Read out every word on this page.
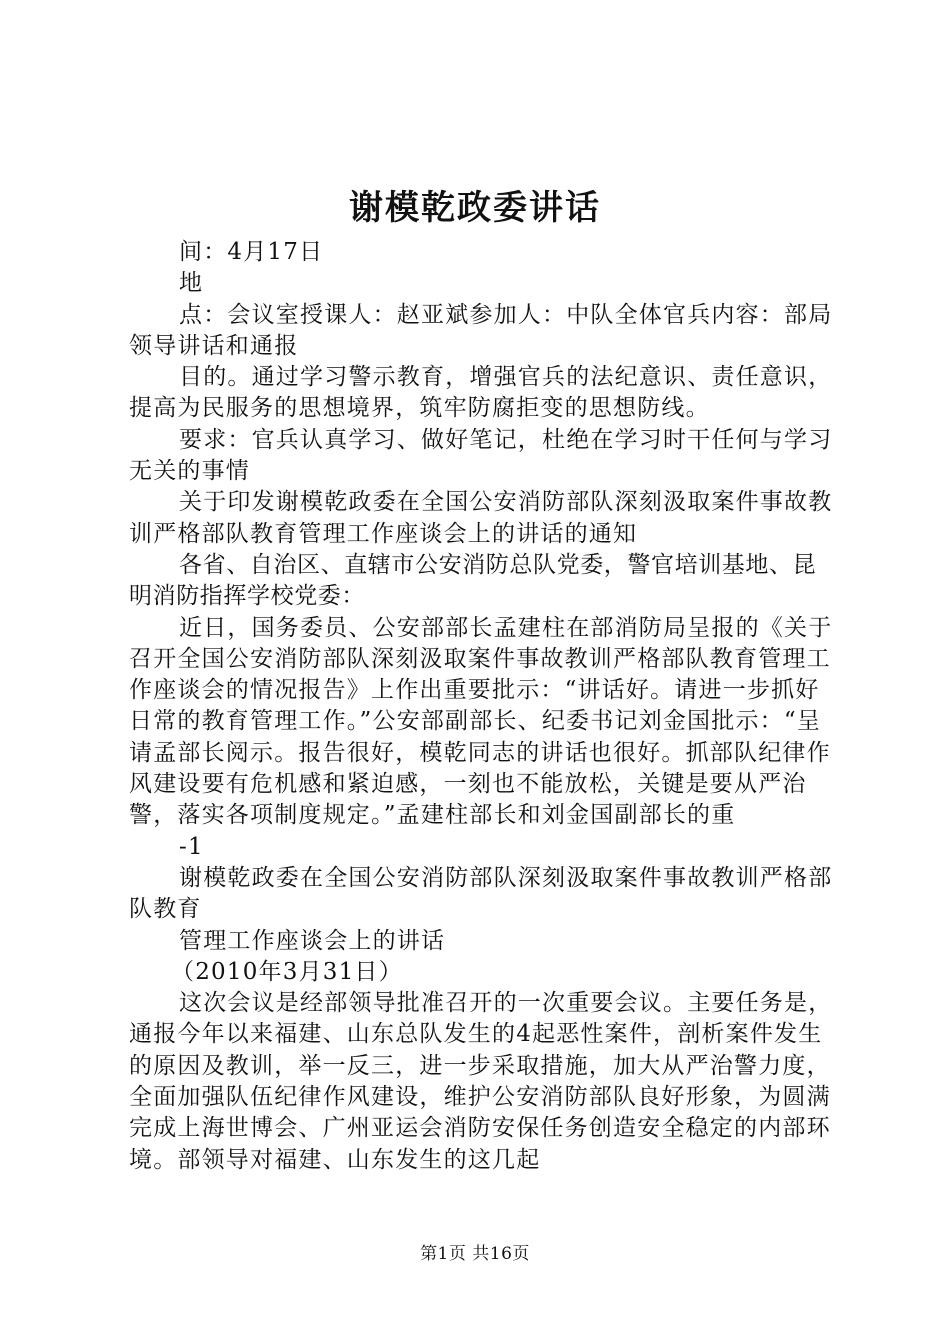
谢模乾政委讲话

间：4月17日

地

点：会议室授课人：赵亚斌参加人：中队全体官兵内容：部局领导讲话和通报

目的。通过学习警示教育，增强官兵的法纪意识、责任意识，提高为民服务的思想境界，筑牢防腐拒变的思想防线。

要求：官兵认真学习、做好笔记，杜绝在学习时干任何与学习无关的事情

关于印发谢模乾政委在全国公安消防部队深刻汲取案件事故教训严格部队教育管理工作座谈会上的讲话的通知

各省、自治区、直辖市公安消防总队党委，警官培训基地、昆明消防指挥学校党委：

近日，国务委员、公安部部长孟建柱在部消防局呈报的《关于召开全国公安消防部队深刻汲取案件事故教训严格部队教育管理工作座谈会的情况报告》上作出重要批示：“讲话好。请进一步抓好日常的教育管理工作。”公安部副部长、纪委书记刘金国批示：“呈请孟部长阅示。报告很好，模乾同志的讲话也很好。抓部队纪律作风建设要有危机感和紧迫感，一刻也不能放松，关键是要从严治警，落实各项制度规定。”孟建柱部长和刘金国副部长的重

-1

谢模乾政委在全国公安消防部队深刻汲取案件事故教训严格部队教育

管理工作座谈会上的讲话

（2010年3月31日）

这次会议是经部领导批准召开的一次重要会议。主要任务是，通报今年以来福建、山东总队发生的4起恶性案件，剖析案件发生的原因及教训，举一反三，进一步采取措施，加大从严治警力度，全面加强队伍纪律作风建设，维护公安消防部队良好形象，为圆满完成上海世博会、广州亚运会消防安保任务创造安全稳定的内部环境。部领导对福建、山东发生的这几起

第1页 共16页
